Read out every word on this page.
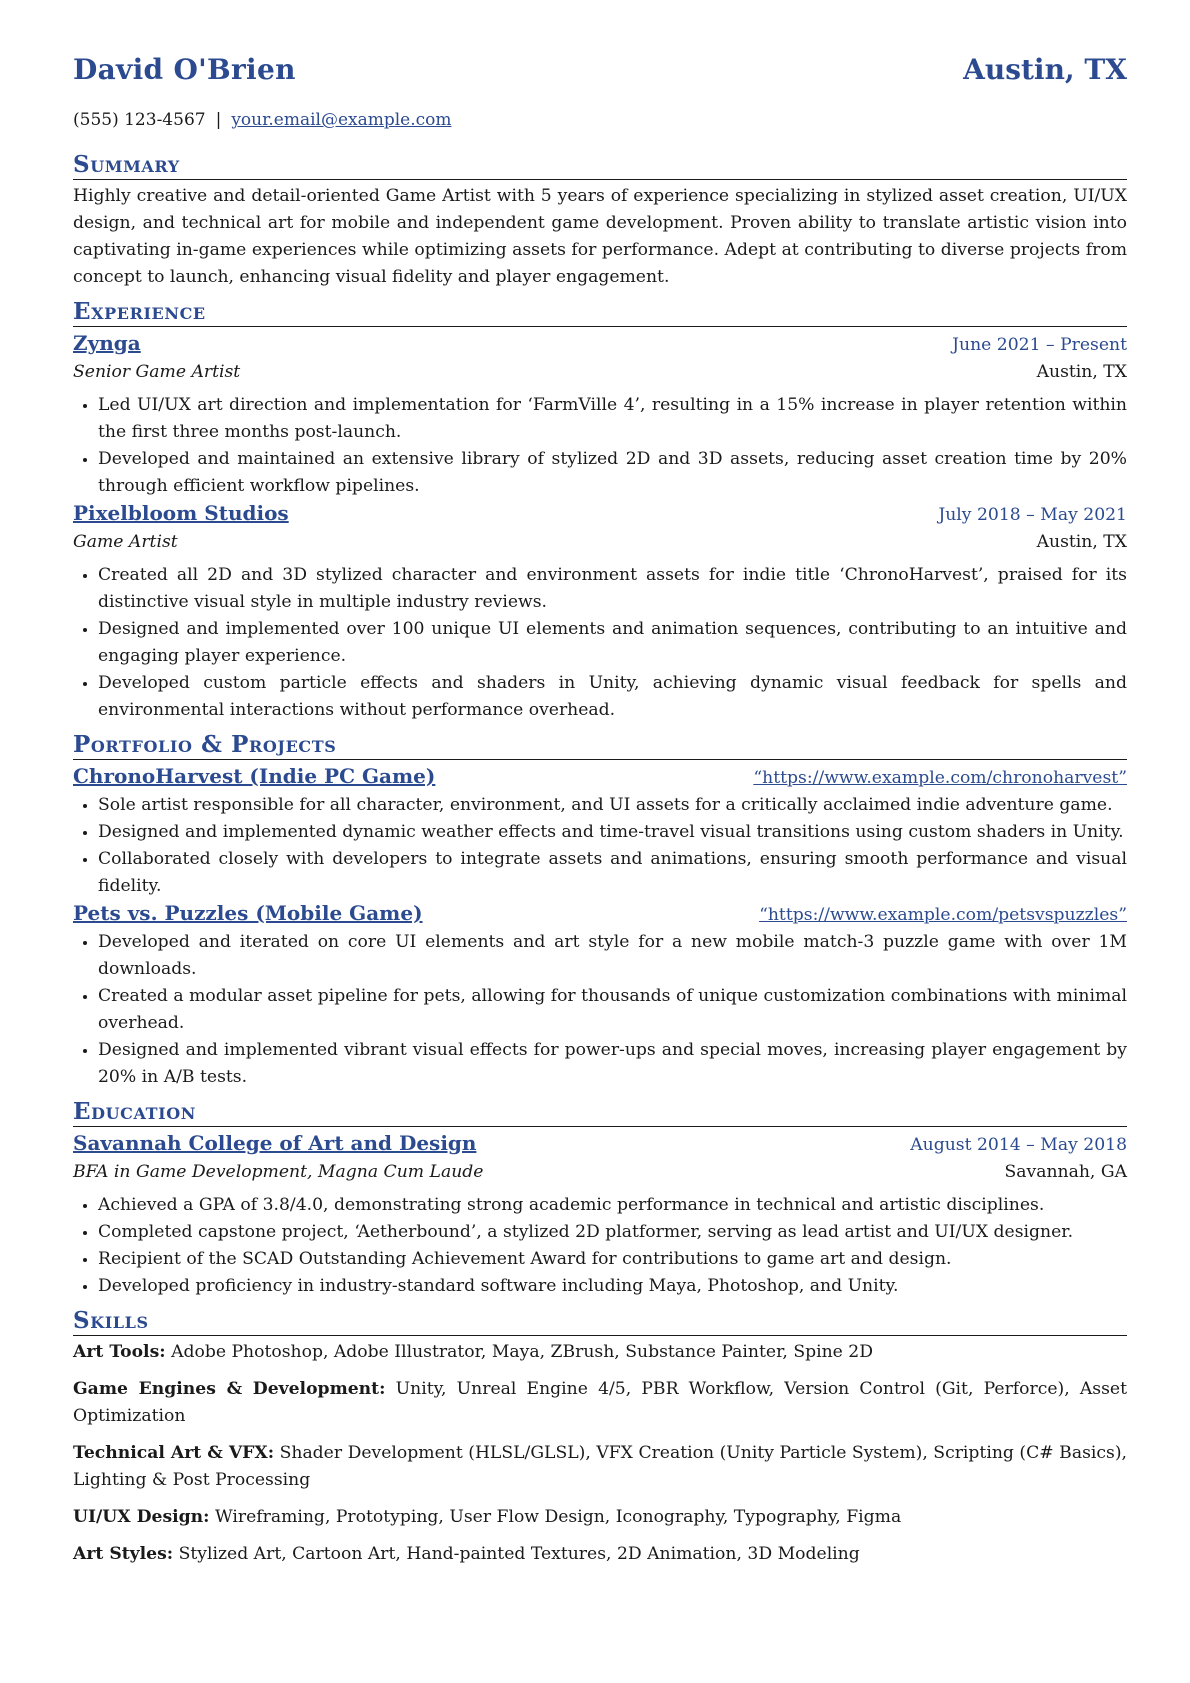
David O'Brien	Austin, TX
(555) 123-4567 | your.email@example.com
Summary
Highly creative and detail-oriented Game Artist with 5 years of experience specializing in stylized asset creation, UI/UX design, and technical art for mobile and independent game development. Proven ability to translate artistic vision into captivating in-game experiences while optimizing assets for performance. Adept at contributing to diverse projects from concept to launch, enhancing visual fidelity and player engagement.
Experience
Zynga	June 2021 – Present
Senior Game Artist	Austin, TX
• Led UI/UX art direction and implementation for ‘FarmVille 4’, resulting in a 15% increase in player retention within the first three months post-launch.
• Developed and maintained an extensive library of stylized 2D and 3D assets, reducing asset creation time by 20% through efficient workflow pipelines.
Pixelbloom Studios	July 2018 – May 2021
Game Artist	Austin, TX
• Created all 2D and 3D stylized character and environment assets for indie title ‘ChronoHarvest’, praised for its distinctive visual style in multiple industry reviews.
• Designed and implemented over 100 unique UI elements and animation sequences, contributing to an intuitive and engaging player experience.
• Developed custom particle effects and shaders in Unity, achieving dynamic visual feedback for spells and environmental interactions without performance overhead.
Portfolio & Projects
ChronoHarvest (Indie PC Game)	“https://www.example.com/chronoharvest”
• Sole artist responsible for all character, environment, and UI assets for a critically acclaimed indie adventure game.
• Designed and implemented dynamic weather effects and time-travel visual transitions using custom shaders in Unity.
• Collaborated closely with developers to integrate assets and animations, ensuring smooth performance and visual fidelity.
Pets vs. Puzzles (Mobile Game)	“https://www.example.com/petsvspuzzles”
• Developed and iterated on core UI elements and art style for a new mobile match-3 puzzle game with over 1M downloads.
• Created a modular asset pipeline for pets, allowing for thousands of unique customization combinations with minimal overhead.
• Designed and implemented vibrant visual effects for power-ups and special moves, increasing player engagement by 20% in A/B tests.
Education
Savannah College of Art and Design	August 2014 – May 2018
BFA in Game Development, Magna Cum Laude	Savannah, GA
• Achieved a GPA of 3.8/4.0, demonstrating strong academic performance in technical and artistic disciplines.
• Completed capstone project, ‘Aetherbound’, a stylized 2D platformer, serving as lead artist and UI/UX designer.
• Recipient of the SCAD Outstanding Achievement Award for contributions to game art and design.
• Developed proficiency in industry-standard software including Maya, Photoshop, and Unity.
Skills
Art Tools: Adobe Photoshop, Adobe Illustrator, Maya, ZBrush, Substance Painter, Spine 2D
Game Engines & Development: Unity, Unreal Engine 4/5, PBR Workflow, Version Control (Git, Perforce), Asset Optimization
Technical Art & VFX: Shader Development (HLSL/GLSL), VFX Creation (Unity Particle System), Scripting (C# Basics), Lighting & Post Processing
UI/UX Design: Wireframing, Prototyping, User Flow Design, Iconography, Typography, Figma
Art Styles: Stylized Art, Cartoon Art, Hand-painted Textures, 2D Animation, 3D Modeling
